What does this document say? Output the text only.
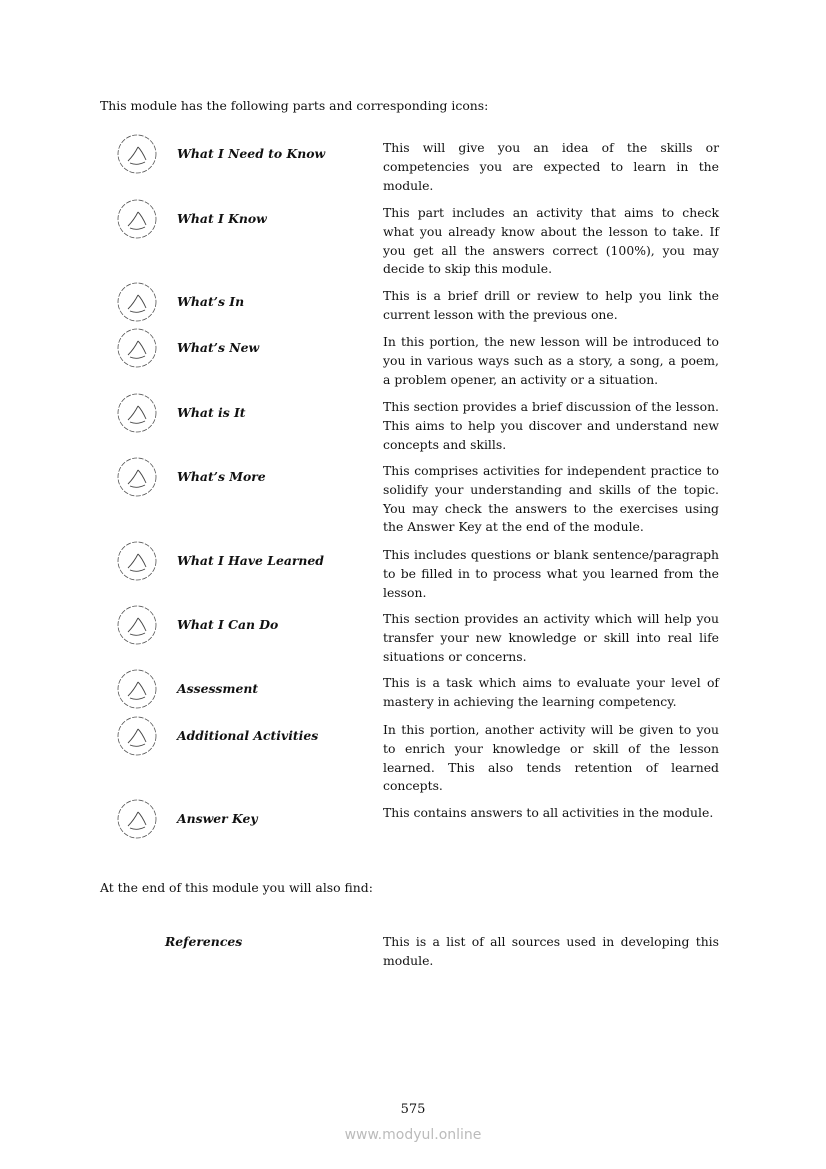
This module has the following parts and corresponding icons:
What I Need to Know	This will give you an idea of the skills or competencies you are expected to learn in the module.
What I Know	This part includes an activity that aims to check what you already know about the lesson to take. If you get all the answers correct (100%), you may decide to skip this module.
What’s In	This is a brief drill or review to help you link the current lesson with the previous one.
What’s New	In this portion, the new lesson will be introduced to you in various ways such as a story, a song, a poem, a problem opener, an activity or a situation.
What is It	This section provides a brief discussion of the lesson. This aims to help you discover and understand new concepts and skills.
What’s More	This comprises activities for independent practice to solidify your understanding and skills of the topic. You may check the answers to the exercises using the Answer Key at the end of the module.
What I Have Learned	This includes questions or blank sentence/paragraph to be filled in to process what you learned from the lesson.
What I Can Do	This section provides an activity which will help you transfer your new knowledge or skill into real life situations or concerns.
Assessment	This is a task which aims to evaluate your level of mastery in achieving the learning competency.
Additional Activities	In this portion, another activity will be given to you to enrich your knowledge or skill of the lesson learned. This also tends retention of learned concepts.
Answer Key	This contains answers to all activities in the module.
At the end of this module you will also find:
References	This is a list of all sources used in developing this module.
575
www.modyul.online
